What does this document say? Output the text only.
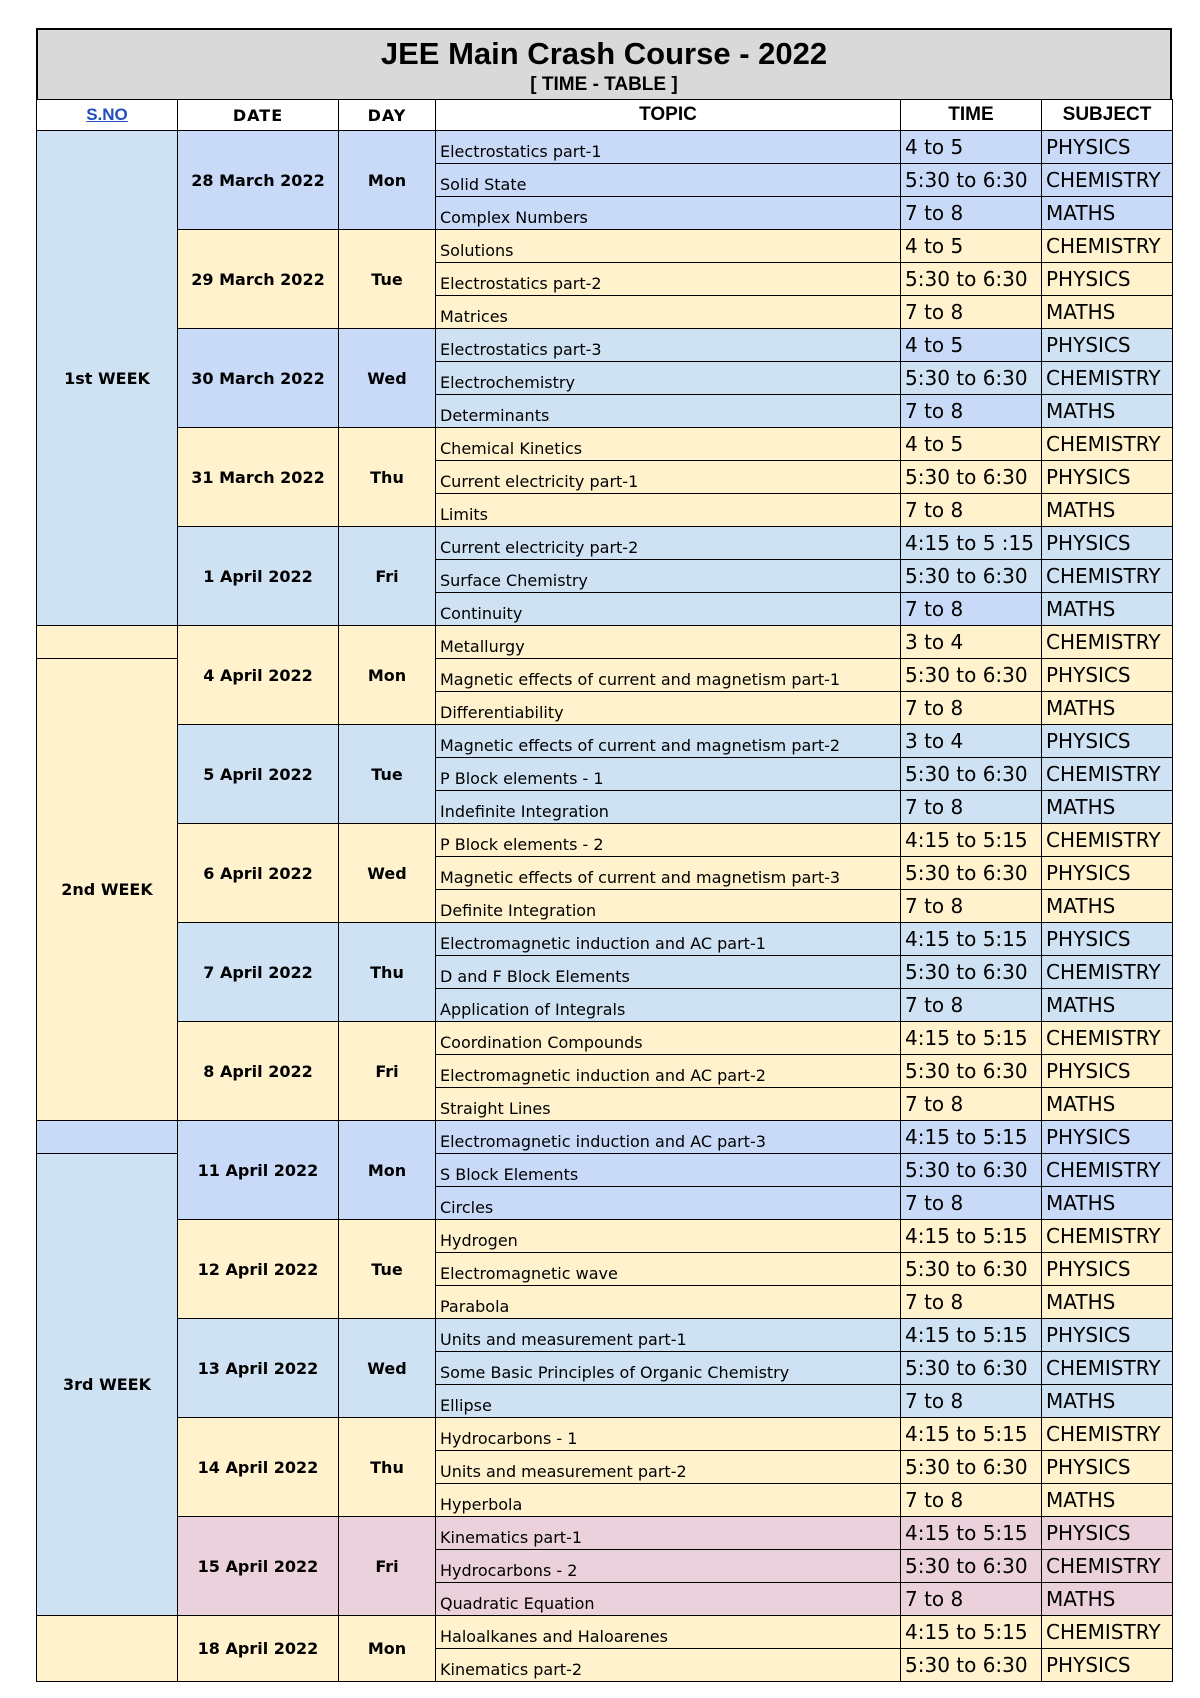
JEE Main Crash Course - 2022
[ TIME - TABLE ]
S.NO	DATE	DAY	TOPIC	TIME	SUBJECT
1st WEEK	28 March 2022	Mon	Electrostatics part-1	4 to 5	PHYSICS
			Solid State	5:30 to 6:30	CHEMISTRY
			Complex Numbers	7 to 8	MATHS
	29 March 2022	Tue	Solutions	4 to 5	CHEMISTRY
			Electrostatics part-2	5:30 to 6:30	PHYSICS
			Matrices	7 to 8	MATHS
	30 March 2022	Wed	Electrostatics part-3	4 to 5	PHYSICS
			Electrochemistry	5:30 to 6:30	CHEMISTRY
			Determinants	7 to 8	MATHS
	31 March 2022	Thu	Chemical Kinetics	4 to 5	CHEMISTRY
			Current electricity part-1	5:30 to 6:30	PHYSICS
			Limits	7 to 8	MATHS
	1 April 2022	Fri	Current electricity part-2	4:15 to 5 :15	PHYSICS
			Surface Chemistry	5:30 to 6:30	CHEMISTRY
			Continuity	7 to 8	MATHS
	4 April 2022	Mon	Metallurgy	3 to 4	CHEMISTRY
2nd WEEK			Magnetic effects of current and magnetism part-1	5:30 to 6:30	PHYSICS
			Differentiability	7 to 8	MATHS
	5 April 2022	Tue	Magnetic effects of current and magnetism part-2	3 to 4	PHYSICS
			P Block elements - 1	5:30 to 6:30	CHEMISTRY
			Indefinite Integration	7 to 8	MATHS
	6 April 2022	Wed	P Block elements - 2	4:15 to 5:15	CHEMISTRY
			Magnetic effects of current and magnetism part-3	5:30 to 6:30	PHYSICS
			Definite Integration	7 to 8	MATHS
	7 April 2022	Thu	Electromagnetic induction and AC part-1	4:15 to 5:15	PHYSICS
			D and F Block Elements	5:30 to 6:30	CHEMISTRY
			Application of Integrals	7 to 8	MATHS
	8 April 2022	Fri	Coordination Compounds	4:15 to 5:15	CHEMISTRY
			Electromagnetic induction and AC part-2	5:30 to 6:30	PHYSICS
			Straight Lines	7 to 8	MATHS
	11 April 2022	Mon	Electromagnetic induction and AC part-3	4:15 to 5:15	PHYSICS
3rd WEEK			S Block Elements	5:30 to 6:30	CHEMISTRY
			Circles	7 to 8	MATHS
	12 April 2022	Tue	Hydrogen	4:15 to 5:15	CHEMISTRY
			Electromagnetic wave	5:30 to 6:30	PHYSICS
			Parabola	7 to 8	MATHS
	13 April 2022	Wed	Units and measurement part-1	4:15 to 5:15	PHYSICS
			Some Basic Principles of Organic Chemistry	5:30 to 6:30	CHEMISTRY
			Ellipse	7 to 8	MATHS
	14 April 2022	Thu	Hydrocarbons - 1	4:15 to 5:15	CHEMISTRY
			Units and measurement part-2	5:30 to 6:30	PHYSICS
			Hyperbola	7 to 8	MATHS
	15 April 2022	Fri	Kinematics part-1	4:15 to 5:15	PHYSICS
			Hydrocarbons - 2	5:30 to 6:30	CHEMISTRY
			Quadratic Equation	7 to 8	MATHS
	18 April 2022	Mon	Haloalkanes and Haloarenes	4:15 to 5:15	CHEMISTRY
			Kinematics part-2	5:30 to 6:30	PHYSICS
